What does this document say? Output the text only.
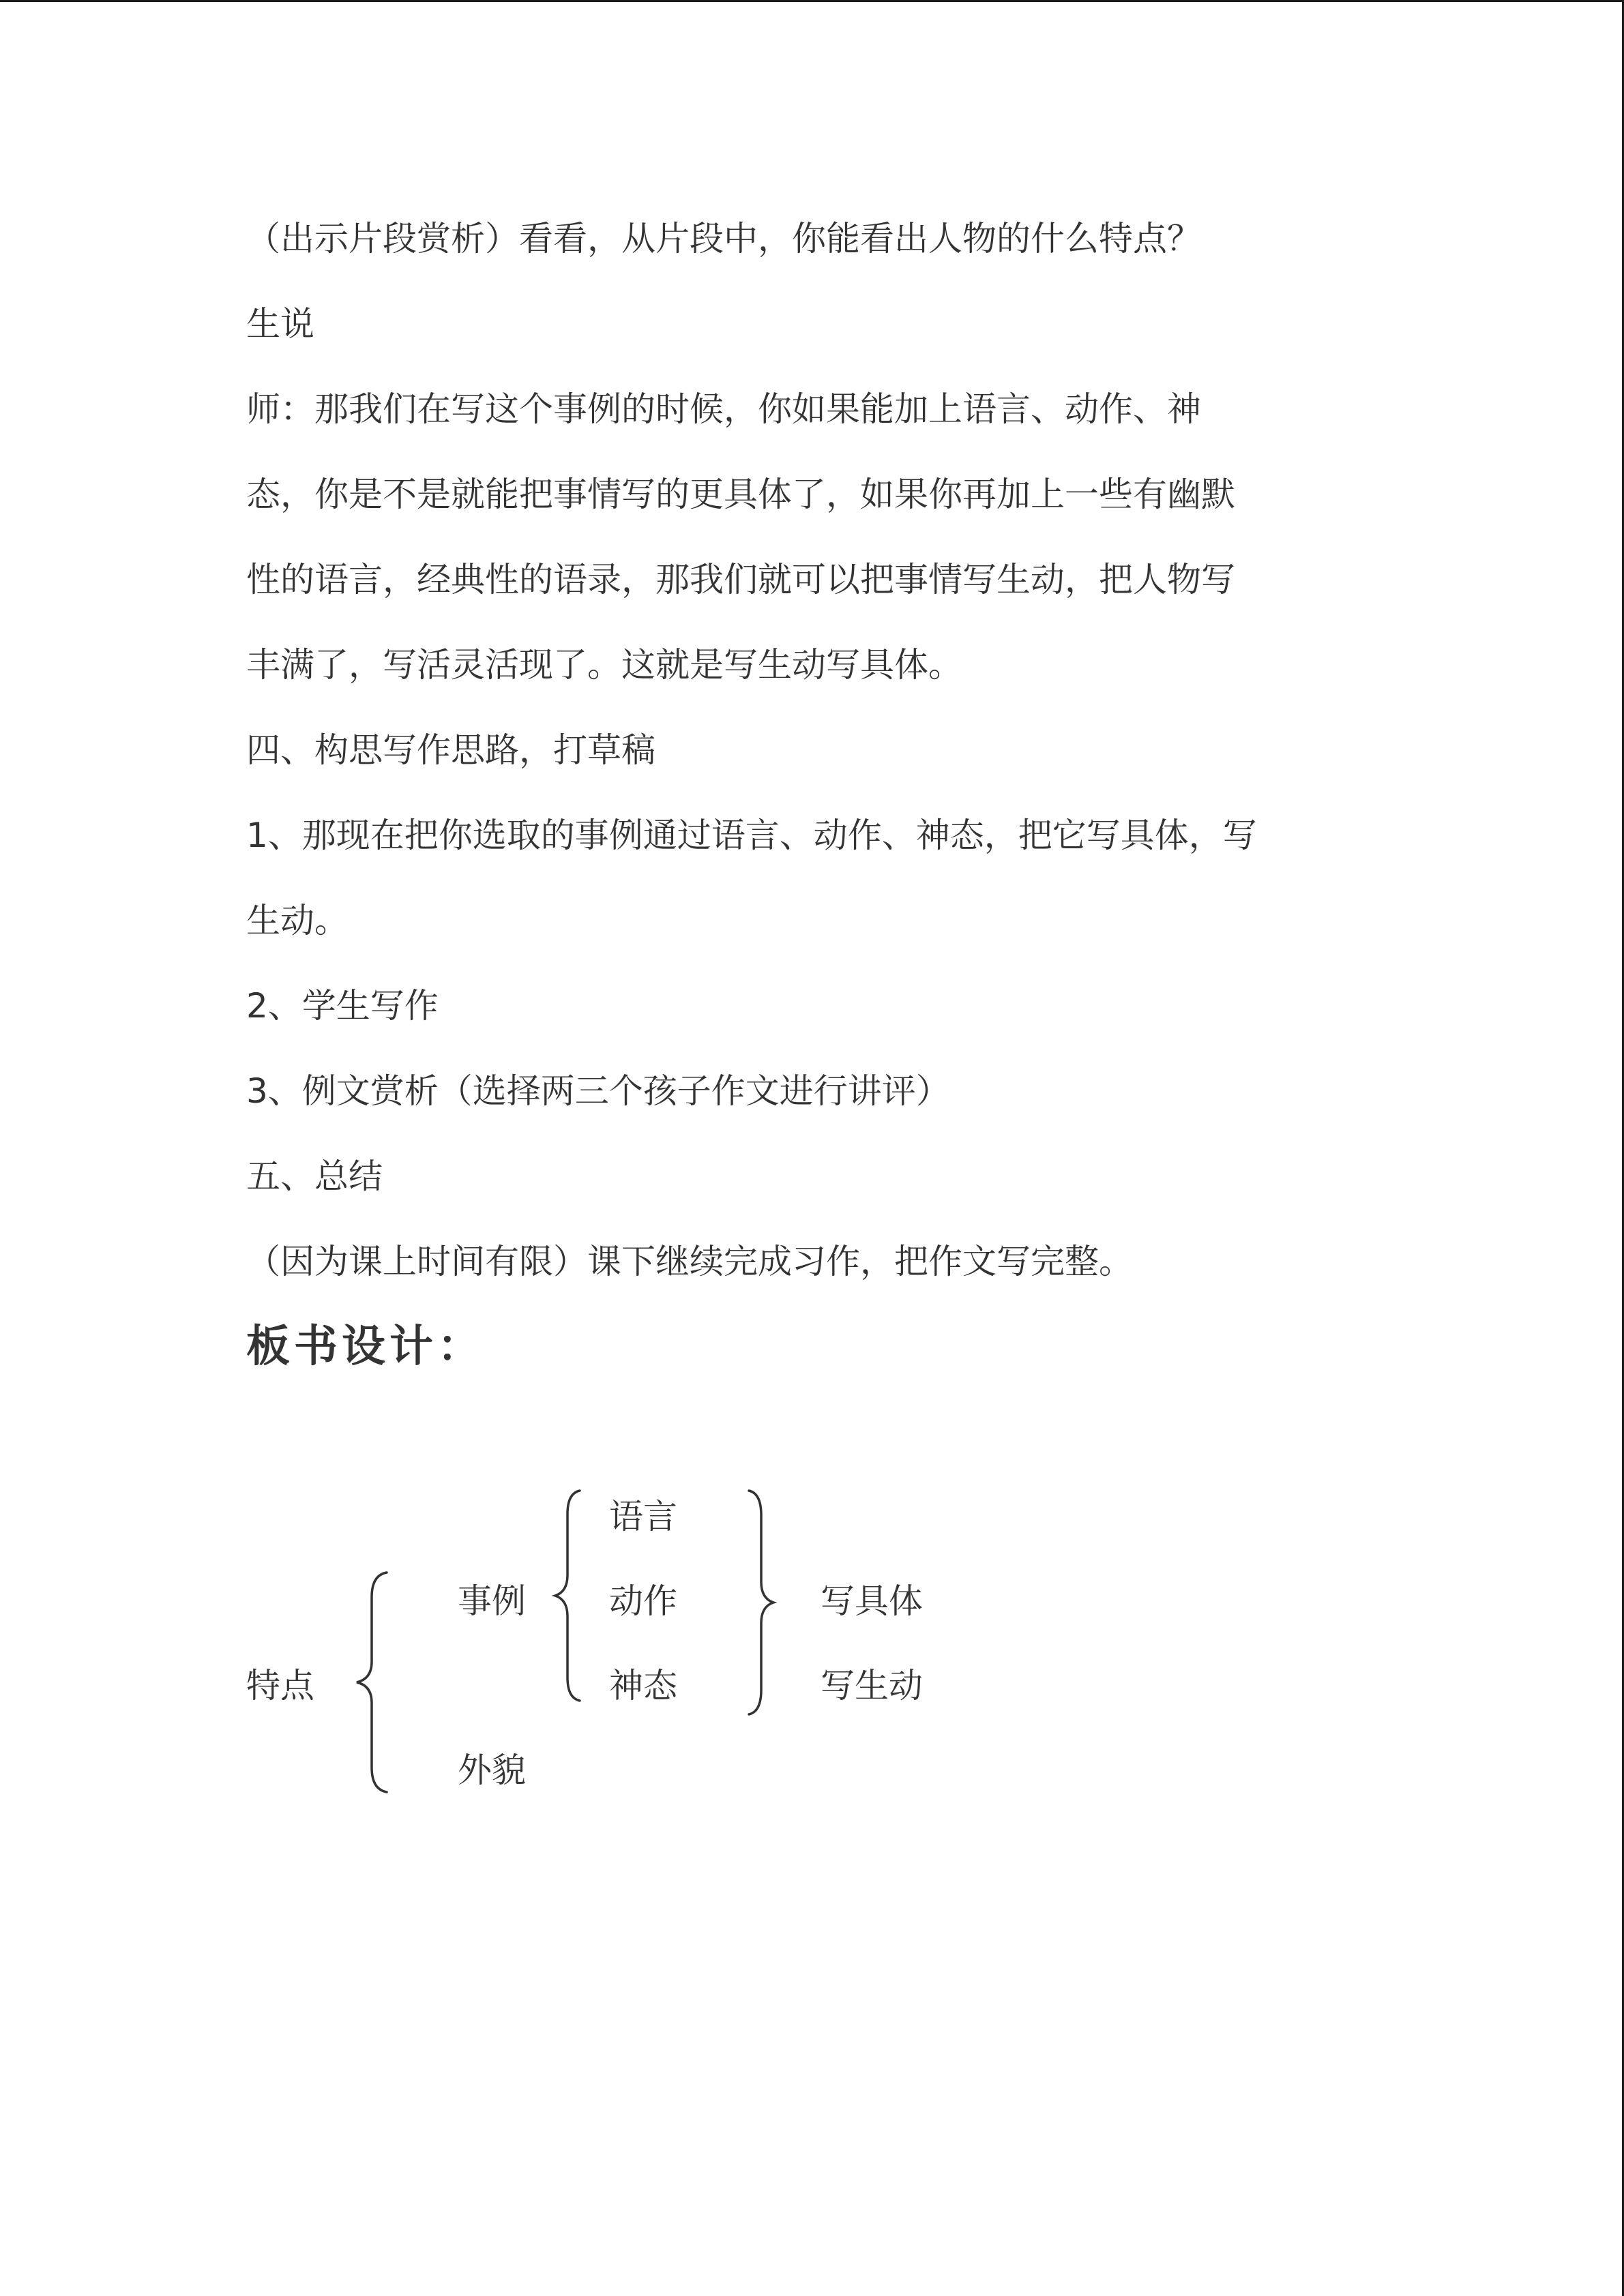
（出示片段赏析）看看，从片段中，你能看出人物的什么特点？
生说
师：那我们在写这个事例的时候，你如果能加上语言、动作、神
态，你是不是就能把事情写的更具体了，如果你再加上一些有幽默
性的语言，经典性的语录，那我们就可以把事情写生动，把人物写
丰满了，写活灵活现了。这就是写生动写具体。
四、构思写作思路，打草稿
1、那现在把你选取的事例通过语言、动作、神态，把它写具体，写
生动。
2、学生写作
3、例文赏析（选择两三个孩子作文进行讲评）
五、总结
（因为课上时间有限）课下继续完成习作，把作文写完整。
板书设计：
特点
事例
外貌
语言
动作
神态
写具体
写生动
